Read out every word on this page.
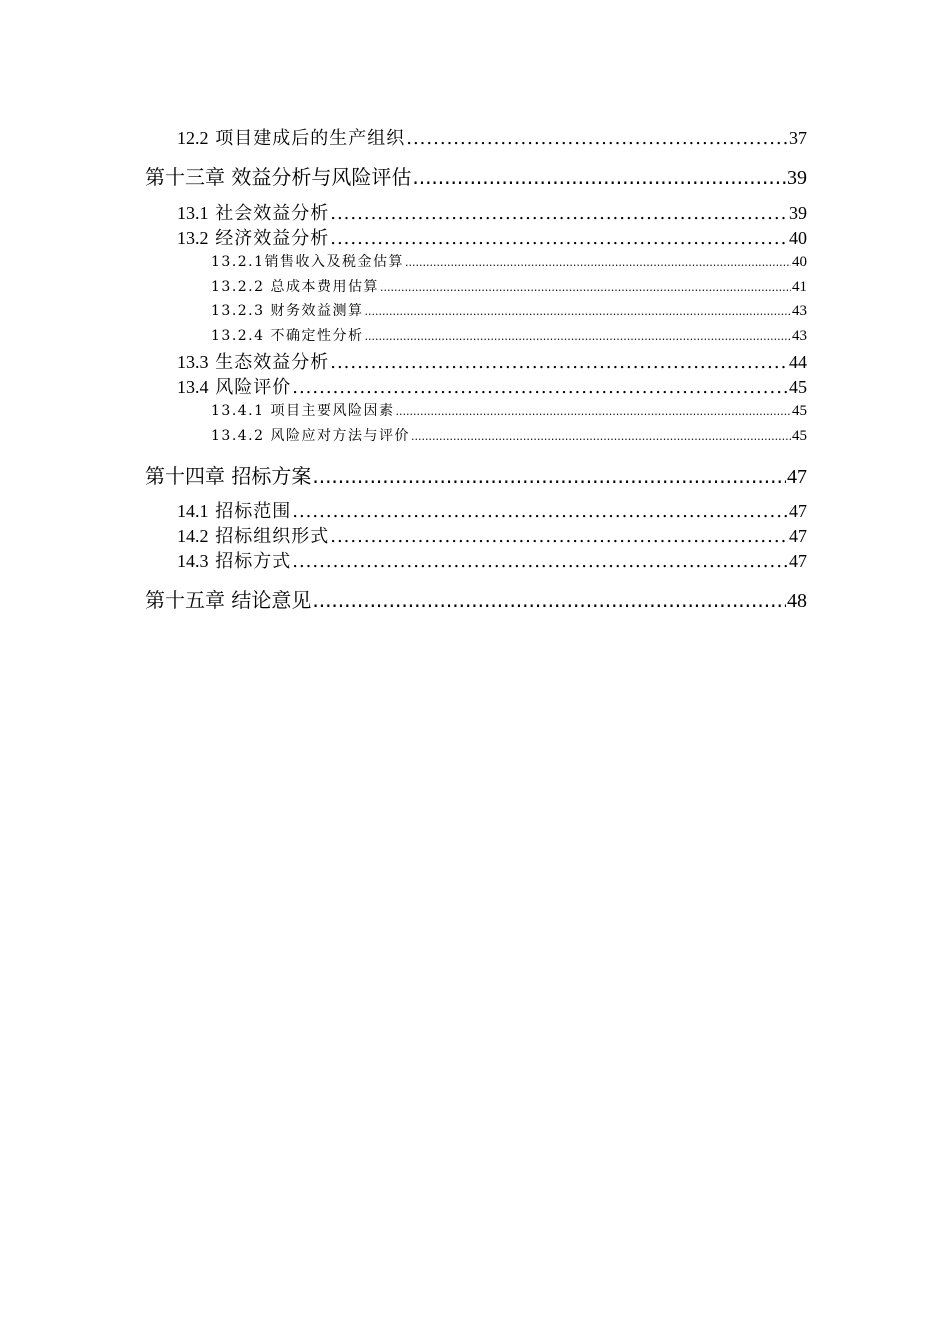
12.2 项目建成后的生产组织 .....	37
第十三章 效益分析与风险评估 .....	39
13.1 社会效益分析 .....	39
13.2 经济效益分析 .....	40
13.2.1销售收入及税金估算 .....	40
13.2.2 总成本费用估算 .....	41
13.2.3 财务效益测算 .....	43
13.2.4 不确定性分析 .....	43
13.3 生态效益分析 .....	44
13.4 风险评价 .....	45
13.4.1 项目主要风险因素 .....	45
13.4.2 风险应对方法与评价 .....	45
第十四章 招标方案 .....	47
14.1 招标范围 .....	47
14.2 招标组织形式 .....	47
14.3 招标方式 .....	47
第十五章 结论意见 .....	48
